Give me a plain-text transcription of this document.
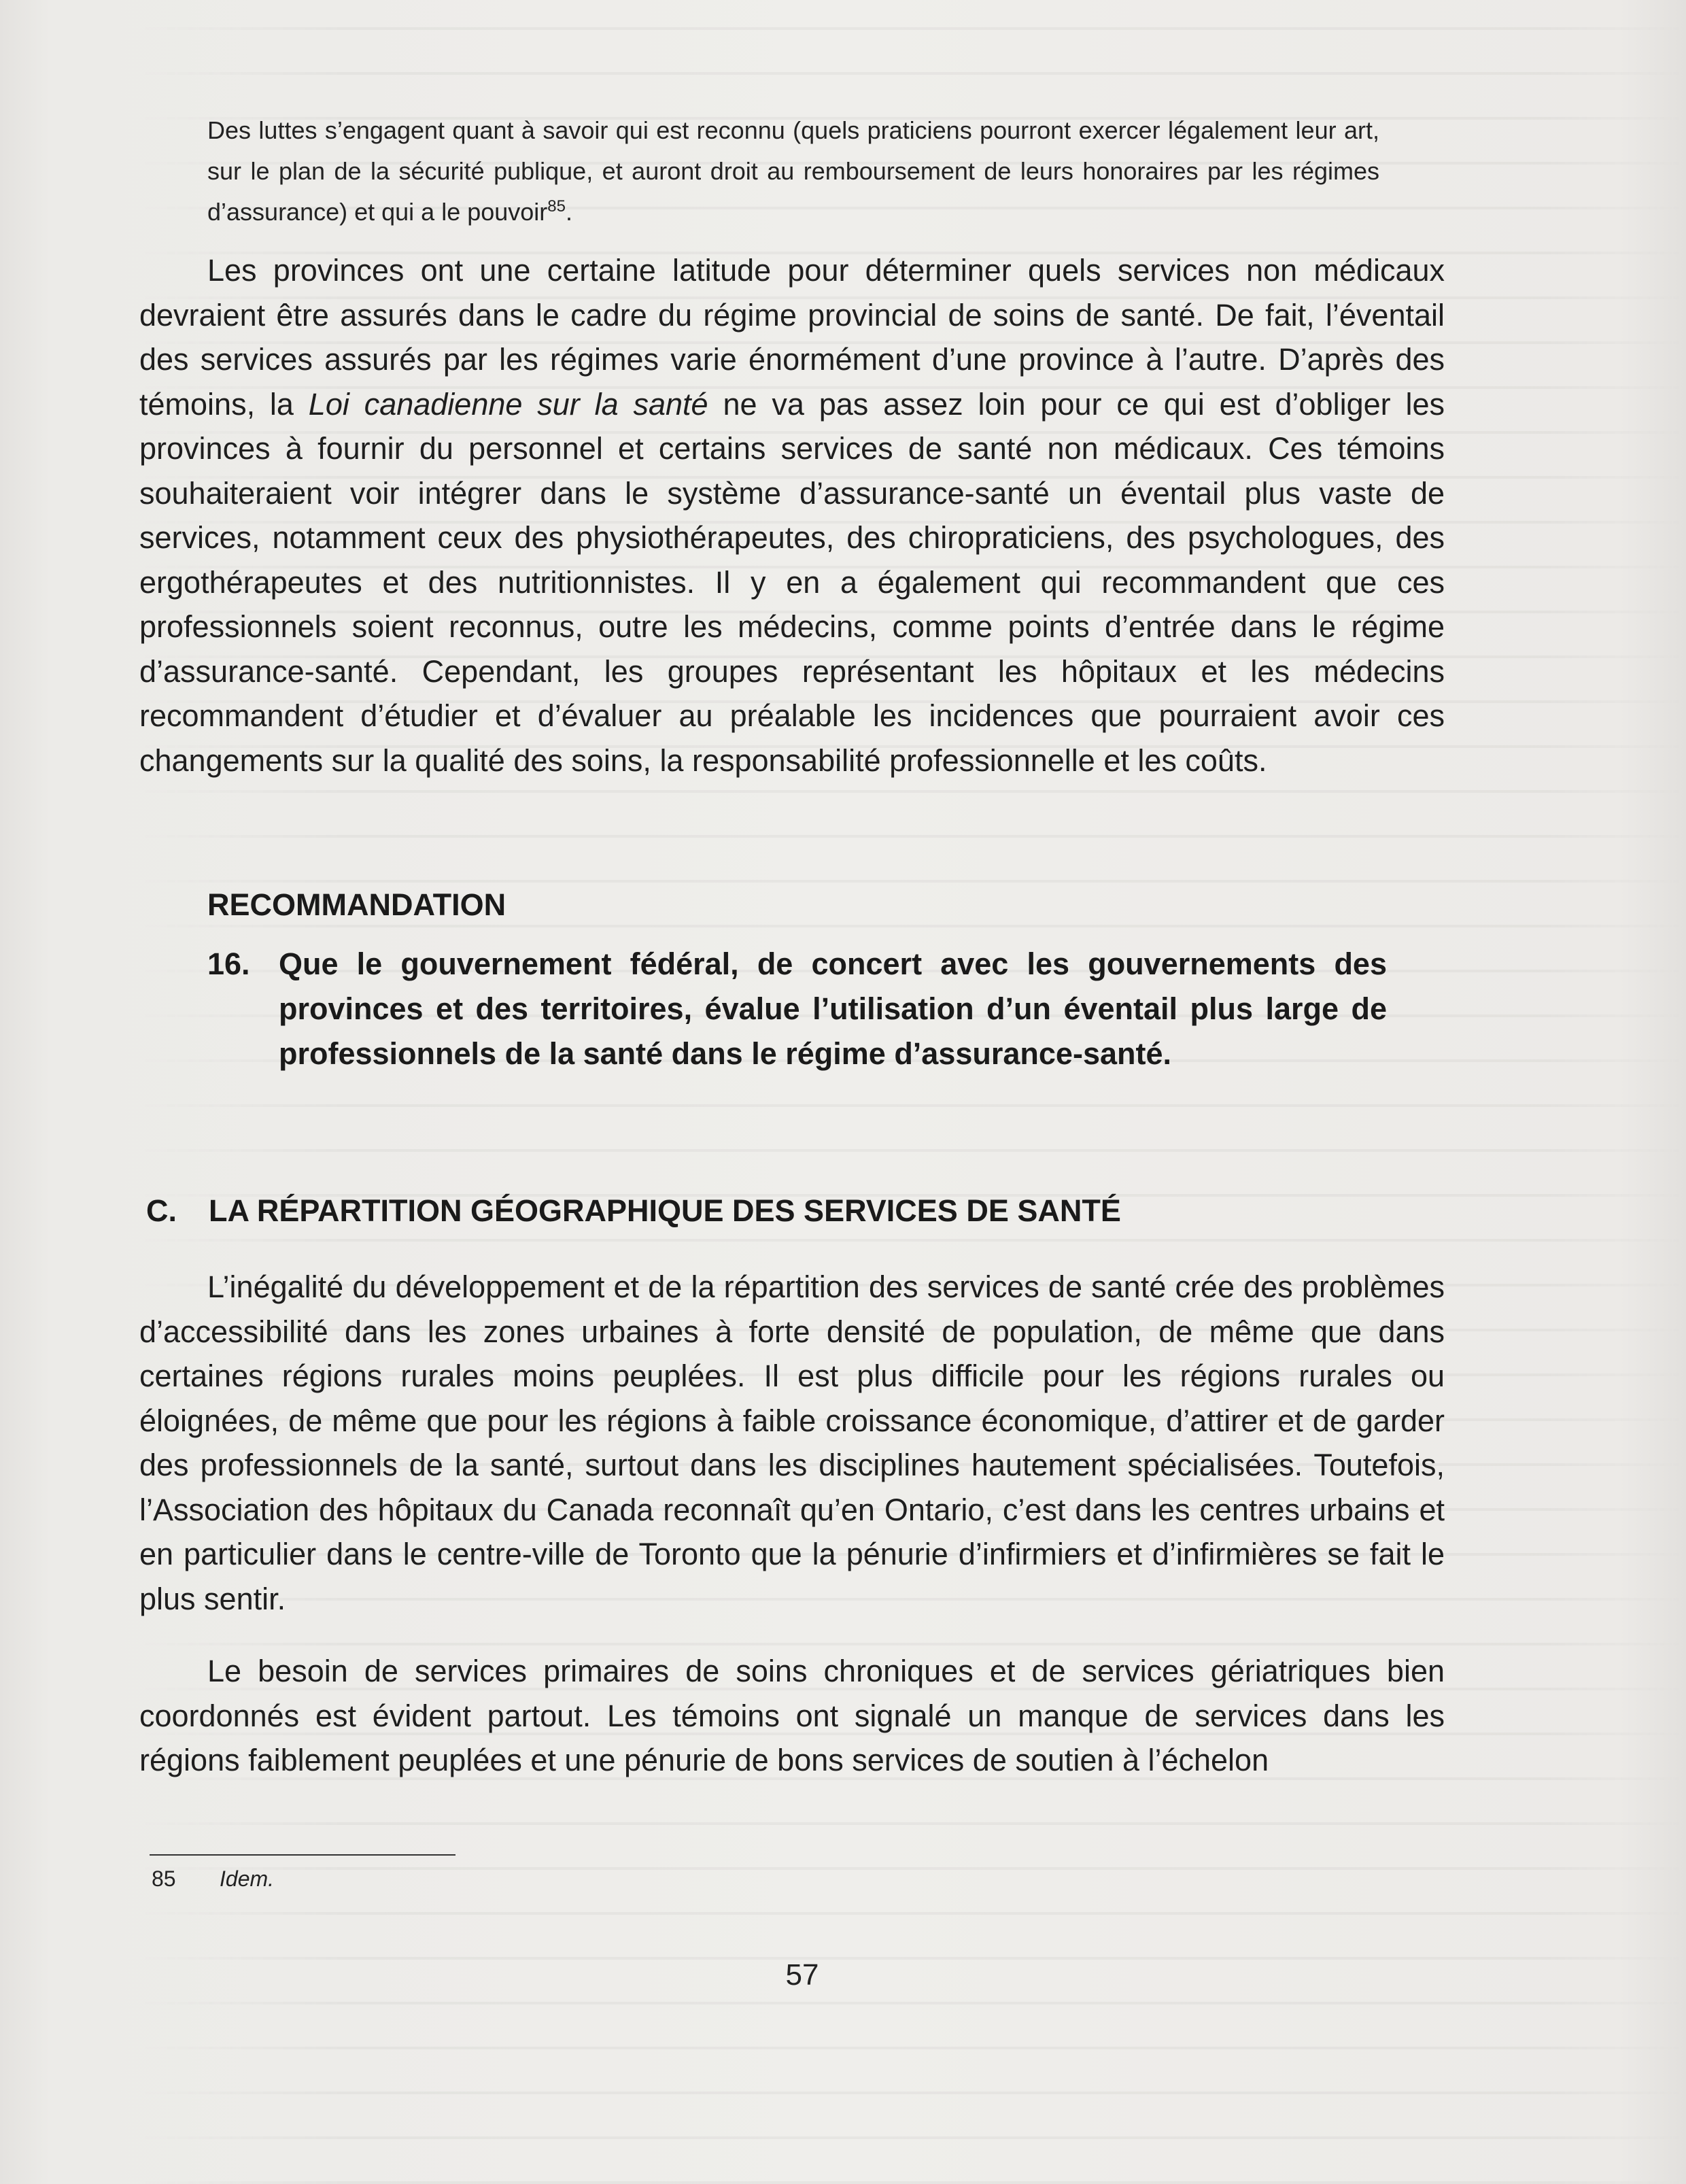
Des luttes s’engagent quant à savoir qui est reconnu (quels praticiens pourront exercer légalement leur art, sur le plan de la sécurité publique, et auront droit au remboursement de leurs honoraires par les régimes d’assurance) et qui a le pouvoir$^{85}$.
Les provinces ont une certaine latitude pour déterminer quels services non médicaux devraient être assurés dans le cadre du régime provincial de soins de santé. De fait, l’éventail des services assurés par les régimes varie énormément d’une province à l’autre. D’après des témoins, la Loi canadienne sur la santé ne va pas assez loin pour ce qui est d’obliger les provinces à fournir du personnel et certains services de santé non médicaux. Ces témoins souhaiteraient voir intégrer dans le système d’assurance-santé un éventail plus vaste de services, notamment ceux des physiothérapeutes, des chiropraticiens, des psychologues, des ergothérapeutes et des nutritionnistes. Il y en a également qui recommandent que ces professionnels soient reconnus, outre les médecins, comme points d’entrée dans le régime d’assurance-santé. Cependant, les groupes représentant les hôpitaux et les médecins recommandent d’étudier et d’évaluer au préalable les incidences que pourraient avoir ces changements sur la qualité des soins, la responsabilité professionnelle et les coûts.
RECOMMANDATION
16. Que le gouvernement fédéral, de concert avec les gouvernements des provinces et des territoires, évalue l’utilisation d’un éventail plus large de professionnels de la santé dans le régime d’assurance-santé.
C. LA RÉPARTITION GÉOGRAPHIQUE DES SERVICES DE SANTÉ
L’inégalité du développement et de la répartition des services de santé crée des problèmes d’accessibilité dans les zones urbaines à forte densité de population, de même que dans certaines régions rurales moins peuplées. Il est plus difficile pour les régions rurales ou éloignées, de même que pour les régions à faible croissance économique, d’attirer et de garder des professionnels de la santé, surtout dans les disciplines hautement spécialisées. Toutefois, l’Association des hôpitaux du Canada reconnaît qu’en Ontario, c’est dans les centres urbains et en particulier dans le centre-ville de Toronto que la pénurie d’infirmiers et d’infirmières se fait le plus sentir.
Le besoin de services primaires de soins chroniques et de services gériatriques bien coordonnés est évident partout. Les témoins ont signalé un manque de services dans les régions faiblement peuplées et une pénurie de bons services de soutien à l’échelon
85 Idem.
57
